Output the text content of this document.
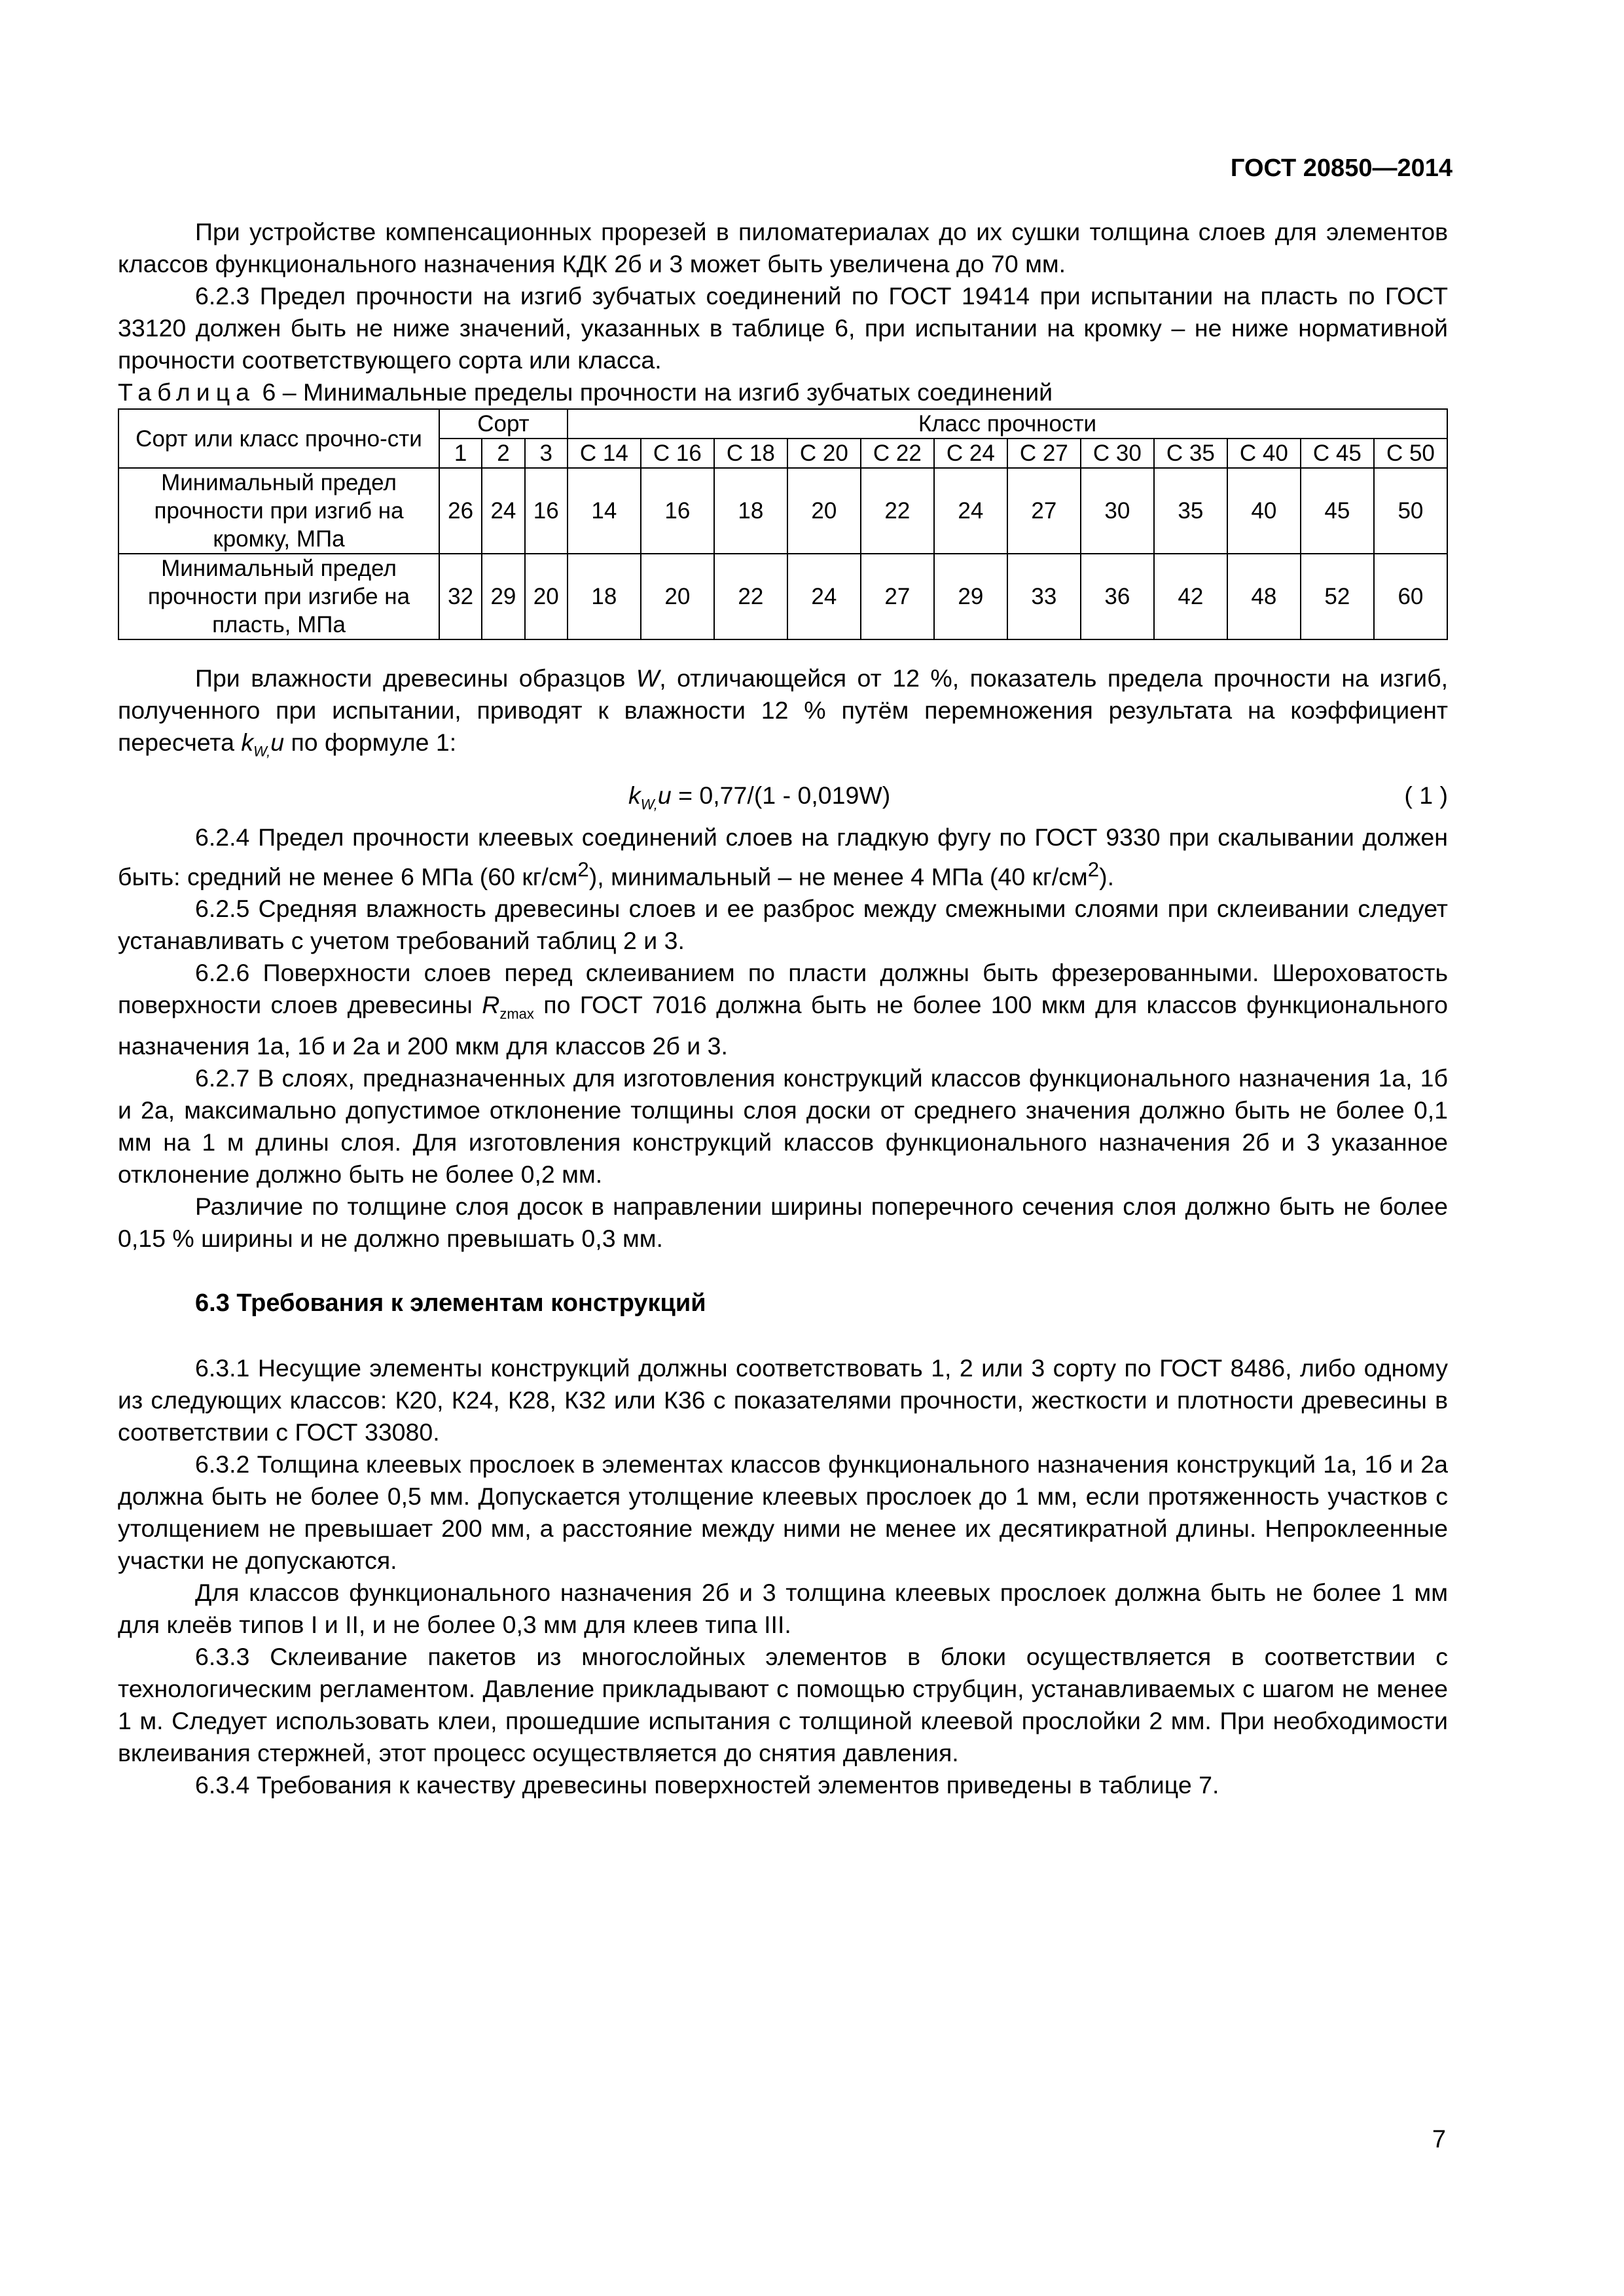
ГОСТ 20850—2014

При устройстве компенсационных прорезей в пиломатериалах до их сушки толщина слоев для элементов классов функционального назначения КДК 2б и 3 может быть увеличена до 70 мм.

6.2.3 Предел прочности на изгиб зубчатых соединений по ГОСТ 19414 при испытании на пласть по ГОСТ 33120 должен быть не ниже значений, указанных в таблице 6, при испытании на кромку – не ниже нормативной прочности соответствующего сорта или класса.

Таблица 6 – Минимальные пределы прочности на изгиб зубчатых соединений

Сорт или класс прочно-сти	Сорт			Класс прочности											
	1	2	3	С 14	С 16	С 18	С 20	С 22	С 24	С 27	С 30	С 35	С 40	С 45	С 50
Минимальный предел прочности при изгиб на кромку, МПа	26	24	16	14	16	18	20	22	24	27	30	35	40	45	50
Минимальный предел прочности при изгибе на пласть, МПа	32	29	20	18	20	22	24	27	29	33	36	42	48	52	60

При влажности древесины образцов W, отличающейся от 12 %, показатель предела прочности на изгиб, полученного при испытании, приводят к влажности 12 % путём перемножения результата на коэффициент пересчета $k_{W,}u$ по формуле 1:

$k_{W,}u = 0,77/(1 - 0,019W)$	( 1 )

6.2.4 Предел прочности клеевых соединений слоев на гладкую фугу по ГОСТ 9330 при скалывании должен быть: средний не менее 6 МПа (60 $кг/см^2$), минимальный – не менее 4 МПа (40 $кг/см^2$).

6.2.5 Средняя влажность древесины слоев и ее разброс между смежными слоями при склеивании следует устанавливать с учетом требований таблиц 2 и 3.

6.2.6 Поверхности слоев перед склеиванием по пласти должны быть фрезерованными. Шероховатость поверхности слоев древесины $R_{zmax}$ по ГОСТ 7016 должна быть не более 100 мкм для классов функционального назначения 1а, 1б и 2а и 200 мкм для классов 2б и 3.

6.2.7 В слоях, предназначенных для изготовления конструкций классов функционального назначения 1а, 1б и 2а, максимально допустимое отклонение толщины слоя доски от среднего значения должно быть не более 0,1 мм на 1 м длины слоя. Для изготовления конструкций классов функционального назначения 2б и 3 указанное отклонение должно быть не более 0,2 мм.

Различие по толщине слоя досок в направлении ширины поперечного сечения слоя должно быть не более 0,15 % ширины и не должно превышать 0,3 мм.

6.3 Требования к элементам конструкций

6.3.1 Несущие элементы конструкций должны соответствовать 1, 2 или 3 сорту по ГОСТ 8486, либо одному из следующих классов: К20, К24, К28, К32 или К36 с показателями прочности, жесткости и плотности древесины в соответствии с ГОСТ 33080.

6.3.2 Толщина клеевых прослоек в элементах классов функционального назначения конструкций 1а, 1б и 2а должна быть не более 0,5 мм. Допускается утолщение клеевых прослоек до 1 мм, если протяженность участков с утолщением не превышает 200 мм, а расстояние между ними не менее их десятикратной длины. Непроклеенные участки не допускаются.

Для классов функционального назначения 2б и 3 толщина клеевых прослоек должна быть не более 1 мм для клеёв типов I и II, и не более 0,3 мм для клеев типа III.

6.3.3 Склеивание пакетов из многослойных элементов в блоки осуществляется в соответствии с технологическим регламентом. Давление прикладывают с помощью струбцин, устанавливаемых с шагом не менее 1 м. Следует использовать клеи, прошедшие испытания с толщиной клеевой прослойки 2 мм. При необходимости вклеивания стержней, этот процесс осуществляется до снятия давления.

6.3.4 Требования к качеству древесины поверхностей элементов приведены в таблице 7.

7
